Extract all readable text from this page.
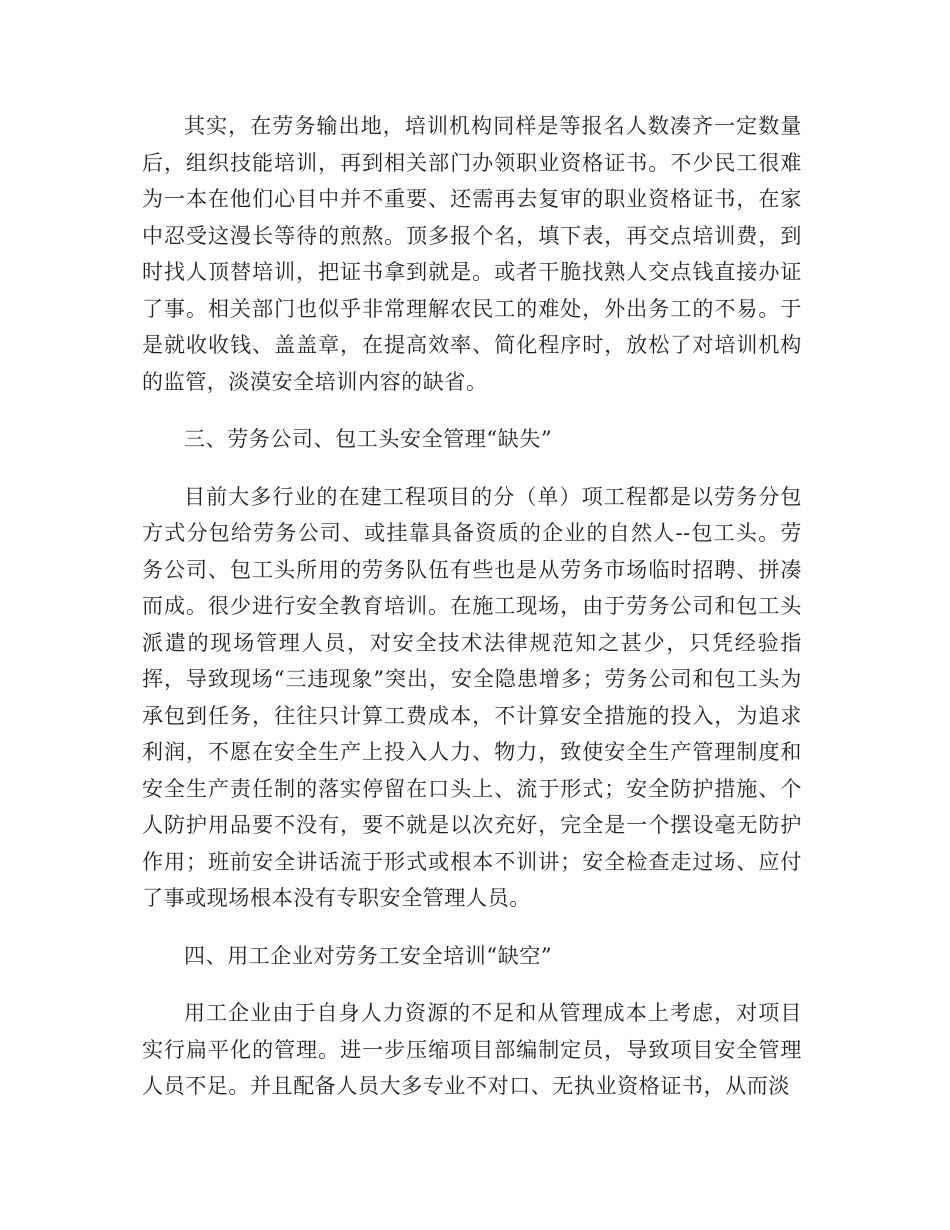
其实，在劳务输出地，培训机构同样是等报名人数凑齐一定数量后，组织技能培训，再到相关部门办领职业资格证书。不少民工很难为一本在他们心目中并不重要、还需再去复审的职业资格证书，在家中忍受这漫长等待的煎熬。顶多报个名，填下表，再交点培训费，到时找人顶替培训，把证书拿到就是。或者干脆找熟人交点钱直接办证了事。相关部门也似乎非常理解农民工的难处，外出务工的不易。于是就收收钱、盖盖章，在提高效率、简化程序时，放松了对培训机构的监管，淡漠安全培训内容的缺省。

三、劳务公司、包工头安全管理“缺失”

目前大多行业的在建工程项目的分（单）项工程都是以劳务分包方式分包给劳务公司、或挂靠具备资质的企业的自然人--包工头。劳务公司、包工头所用的劳务队伍有些也是从劳务市场临时招聘、拼凑而成。很少进行安全教育培训。在施工现场，由于劳务公司和包工头派遣的现场管理人员，对安全技术法律规范知之甚少，只凭经验指挥，导致现场“三违现象”突出，安全隐患增多；劳务公司和包工头为承包到任务，往往只计算工费成本，不计算安全措施的投入，为追求利润，不愿在安全生产上投入人力、物力，致使安全生产管理制度和安全生产责任制的落实停留在口头上、流于形式；安全防护措施、个人防护用品要不没有，要不就是以次充好，完全是一个摆设毫无防护作用；班前安全讲话流于形式或根本不训讲；安全检查走过场、应付了事或现场根本没有专职安全管理人员。

四、用工企业对劳务工安全培训“缺空”

用工企业由于自身人力资源的不足和从管理成本上考虑，对项目实行扁平化的管理。进一步压缩项目部编制定员，导致项目安全管理人员不足。并且配备人员大多专业不对口、无执业资格证书，从而淡
